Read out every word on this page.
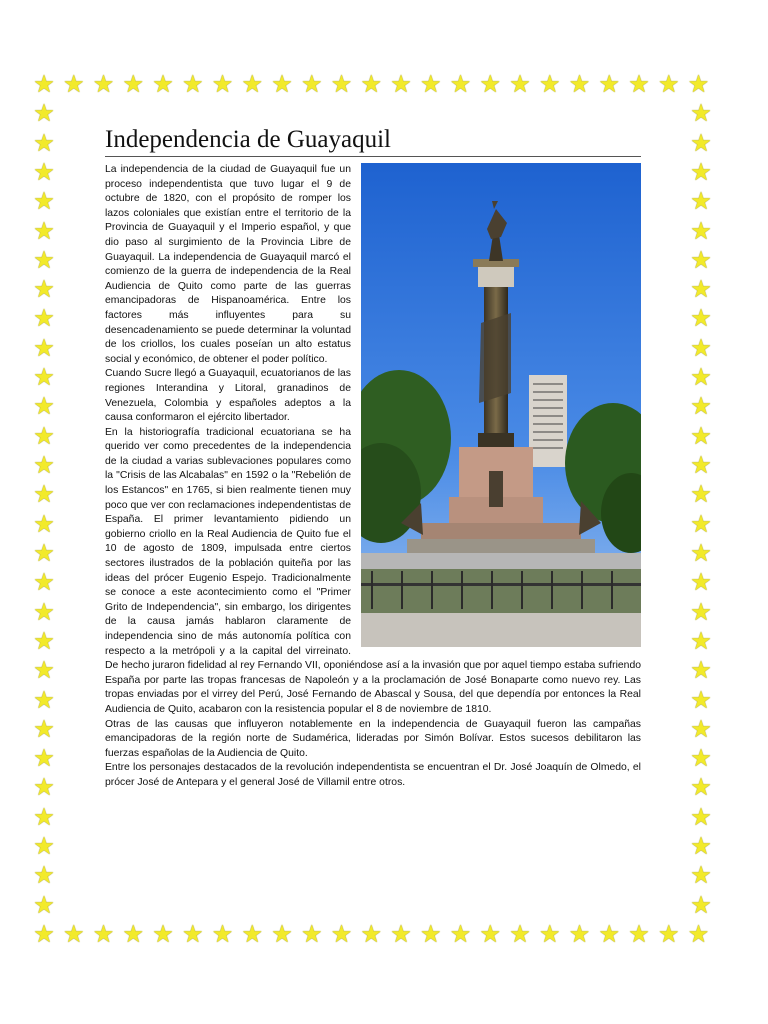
★
★
★
★
★
★
★
★
★
★
★
★
★
★
★
★
★
★
★
★
★
★
★
★
★
★
★
★
★
★
★
★
★
★
★
★
★
★
★
★
★
★
★
★
★
★
★	★
★	★
★	★
★	★
★	★
★	★
★	★
★	★
★	★
★	★
★	★
★	★
★	★
★	★
★	★
★	★
★	★
★	★
★	★
★	★
★	★
★	★
★	★
★	★
★	★
★	★
★	★
★	★
Independencia de Guayaquil

La independencia de la ciudad de Guayaquil fue un proceso independentista que tuvo lugar el 9 de octubre de 1820, con el propósito de romper los lazos coloniales que existían entre el territorio de la Provincia de Guayaquil y el Imperio español, y que dio paso al surgimiento de la Provincia Libre de Guayaquil. La independencia de Guayaquil marcó el comienzo de la guerra de independencia de la Real Audiencia de Quito como parte de las guerras emancipadoras de Hispanoamérica. Entre los factores más influyentes para su desencadenamiento se puede determinar la voluntad de los criollos, los cuales poseían un alto estatus social y económico, de obtener el poder político.

Cuando Sucre llegó a Guayaquil, ecuatorianos de las regiones Interandina y Litoral, granadinos de Venezuela, Colombia y españoles adeptos a la causa conformaron el ejército libertador.

En la historiografía tradicional ecuatoriana se ha querido ver como precedentes de la independencia de la ciudad a varias sublevaciones populares como la "Crisis de las Alcabalas" en 1592 o la "Rebelión de los Estancos" en 1765, si bien realmente tienen muy poco que ver con reclamaciones independentistas de España. El primer levantamiento pidiendo un gobierno criollo en la Real Audiencia de Quito fue el 10 de agosto de 1809, impulsada entre ciertos sectores ilustrados de la población quiteña por las ideas del prócer Eugenio Espejo. Tradicionalmente se conoce a este acontecimiento como el "Primer Grito de Independencia", sin embargo, los dirigentes de la causa jamás hablaron claramente de independencia sino de más autonomía política con respecto a la metrópoli y a la capital del virreinato. De hecho juraron fidelidad al rey Fernando VII, oponiéndose así a la invasión que por aquel tiempo estaba sufriendo España por parte las tropas francesas de Napoleón y a la proclamación de José Bonaparte como nuevo rey. Las tropas enviadas por el virrey del Perú, José Fernando de Abascal y Sousa, del que dependía por entonces la Real Audiencia de Quito, acabaron con la resistencia popular el 8 de noviembre de 1810.

Otras de las causas que influyeron notablemente en la independencia de Guayaquil fueron las campañas emancipadoras de la región norte de Sudamérica, lideradas por Simón Bolívar. Estos sucesos debilitaron las fuerzas españolas de la Audiencia de Quito.

Entre los personajes destacados de la revolución independentista se encuentran el Dr. José Joaquín de Olmedo, el prócer José de Antepara y el general José de Villamil entre otros.
